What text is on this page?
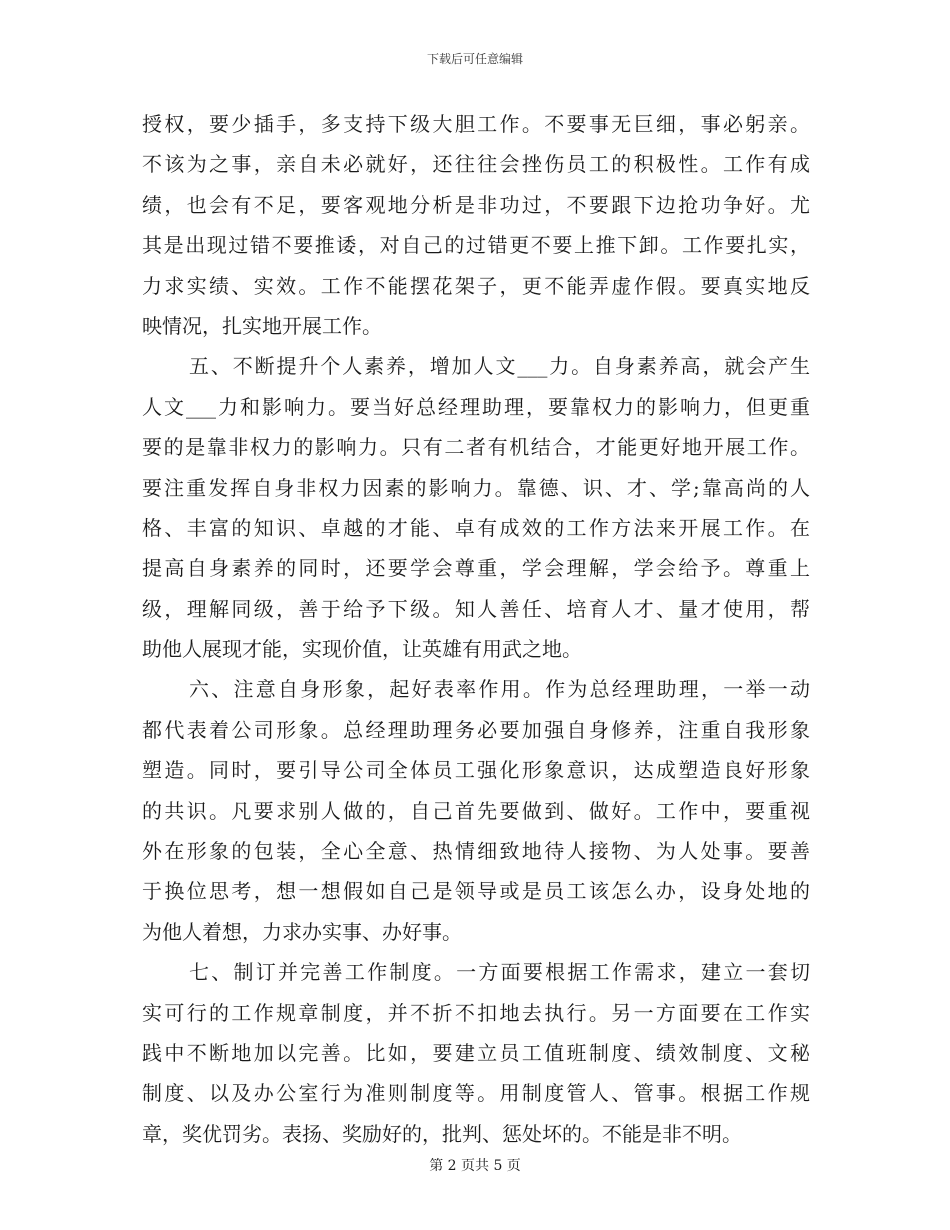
下载后可任意编辑
授权，要少插手，多支持下级大胆工作。不要事无巨细，事必躬亲。
不该为之事，亲自未必就好，还往往会挫伤员工的积极性。工作有成
绩，也会有不足，要客观地分析是非功过，不要跟下边抢功争好。尤
其是出现过错不要推诿，对自己的过错更不要上推下卸。工作要扎实，
力求实绩、实效。工作不能摆花架子，更不能弄虚作假。要真实地反
映情况，扎实地开展工作。
五、不断提升个人素养，增加人文___力。自身素养高，就会产生
人文___力和影响力。要当好总经理助理，要靠权力的影响力，但更重
要的是靠非权力的影响力。只有二者有机结合，才能更好地开展工作。
要注重发挥自身非权力因素的影响力。靠德、识、才、学;靠高尚的人
格、丰富的知识、卓越的才能、卓有成效的工作方法来开展工作。在
提高自身素养的同时，还要学会尊重，学会理解，学会给予。尊重上
级，理解同级，善于给予下级。知人善任、培育人才、量才使用，帮
助他人展现才能，实现价值，让英雄有用武之地。
六、注意自身形象，起好表率作用。作为总经理助理，一举一动
都代表着公司形象。总经理助理务必要加强自身修养，注重自我形象
塑造。同时，要引导公司全体员工强化形象意识，达成塑造良好形象
的共识。凡要求别人做的，自己首先要做到、做好。工作中，要重视
外在形象的包装，全心全意、热情细致地待人接物、为人处事。要善
于换位思考，想一想假如自己是领导或是员工该怎么办，设身处地的
为他人着想，力求办实事、办好事。
七、制订并完善工作制度。一方面要根据工作需求，建立一套切
实可行的工作规章制度，并不折不扣地去执行。另一方面要在工作实
践中不断地加以完善。比如，要建立员工值班制度、绩效制度、文秘
制度、以及办公室行为准则制度等。用制度管人、管事。根据工作规
章，奖优罚劣。表扬、奖励好的，批判、惩处坏的。不能是非不明。
第 2 页共 5 页
